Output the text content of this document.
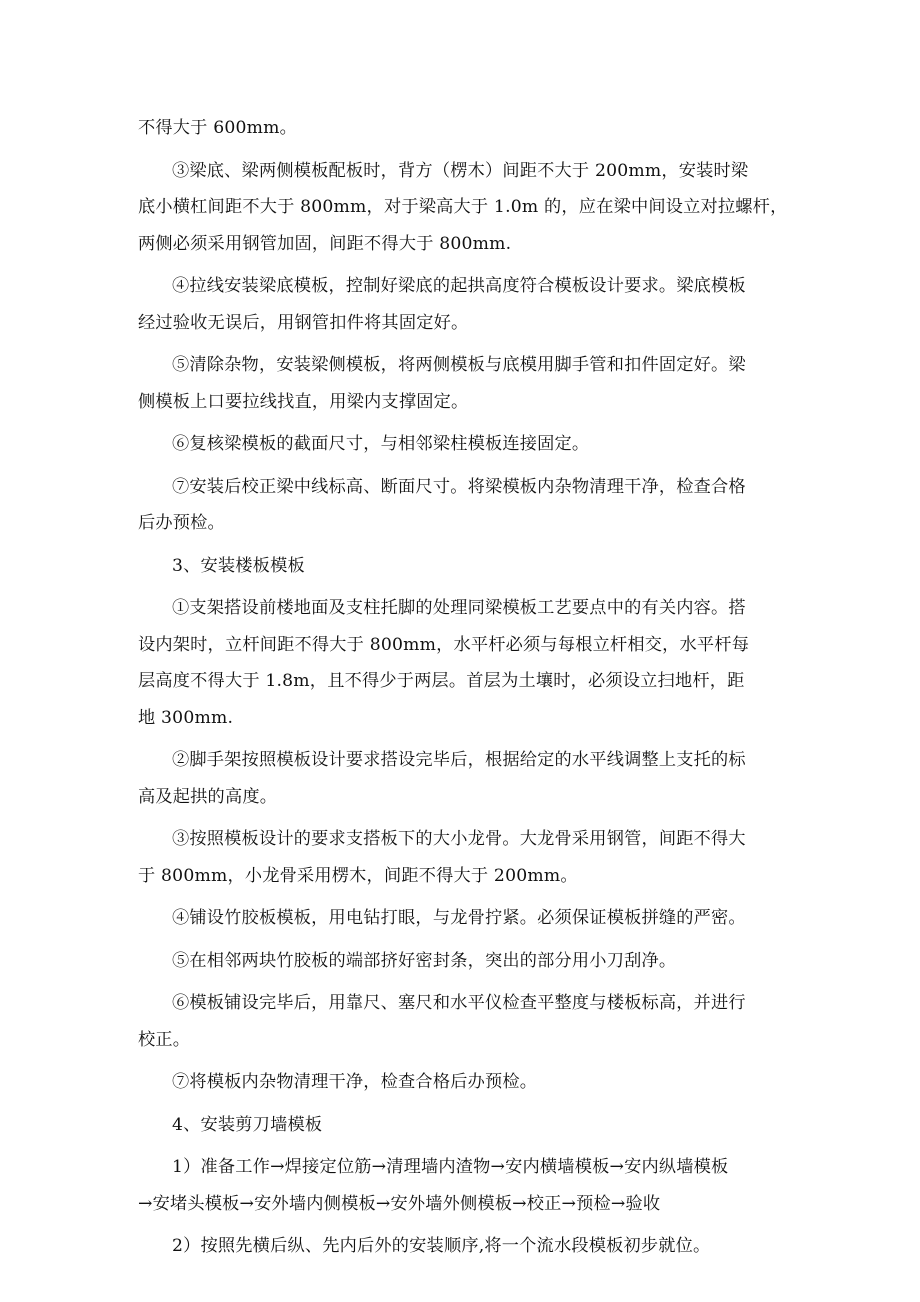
不得大于 600mm。

③梁底、梁两侧模板配板时，背方（楞木）间距不大于 200mm，安装时梁
底小横杠间距不大于 800mm，对于梁高大于 1.0m 的，应在梁中间设立对拉螺杆，
两侧必须采用钢管加固，间距不得大于 800mm.

④拉线安装梁底模板，控制好梁底的起拱高度符合模板设计要求。梁底模板
经过验收无误后，用钢管扣件将其固定好。

⑤清除杂物，安装梁侧模板，将两侧模板与底模用脚手管和扣件固定好。梁
侧模板上口要拉线找直，用梁内支撑固定。

⑥复核梁模板的截面尺寸，与相邻梁柱模板连接固定。

⑦安装后校正梁中线标高、断面尺寸。将梁模板内杂物清理干净，检查合格
后办预检。

3、安装楼板模板

①支架搭设前楼地面及支柱托脚的处理同梁模板工艺要点中的有关内容。搭
设内架时，立杆间距不得大于 800mm，水平杆必须与每根立杆相交，水平杆每
层高度不得大于 1.8m，且不得少于两层。首层为土壤时，必须设立扫地杆，距
地 300mm.

②脚手架按照模板设计要求搭设完毕后，根据给定的水平线调整上支托的标
高及起拱的高度。

③按照模板设计的要求支搭板下的大小龙骨。大龙骨采用钢管，间距不得大
于 800mm，小龙骨采用楞木，间距不得大于 200mm。

④铺设竹胶板模板，用电钻打眼，与龙骨拧紧。必须保证模板拼缝的严密。

⑤在相邻两块竹胶板的端部挤好密封条，突出的部分用小刀刮净。

⑥模板铺设完毕后，用靠尺、塞尺和水平仪检查平整度与楼板标高，并进行
校正。

⑦将模板内杂物清理干净，检查合格后办预检。

4、安装剪刀墙模板

1）准备工作→焊接定位筋→清理墙内渣物→安内横墙模板→安内纵墙模板
→安堵头模板→安外墙内侧模板→安外墙外侧模板→校正→预检→验收

2）按照先横后纵、先内后外的安装顺序,将一个流水段模板初步就位。
